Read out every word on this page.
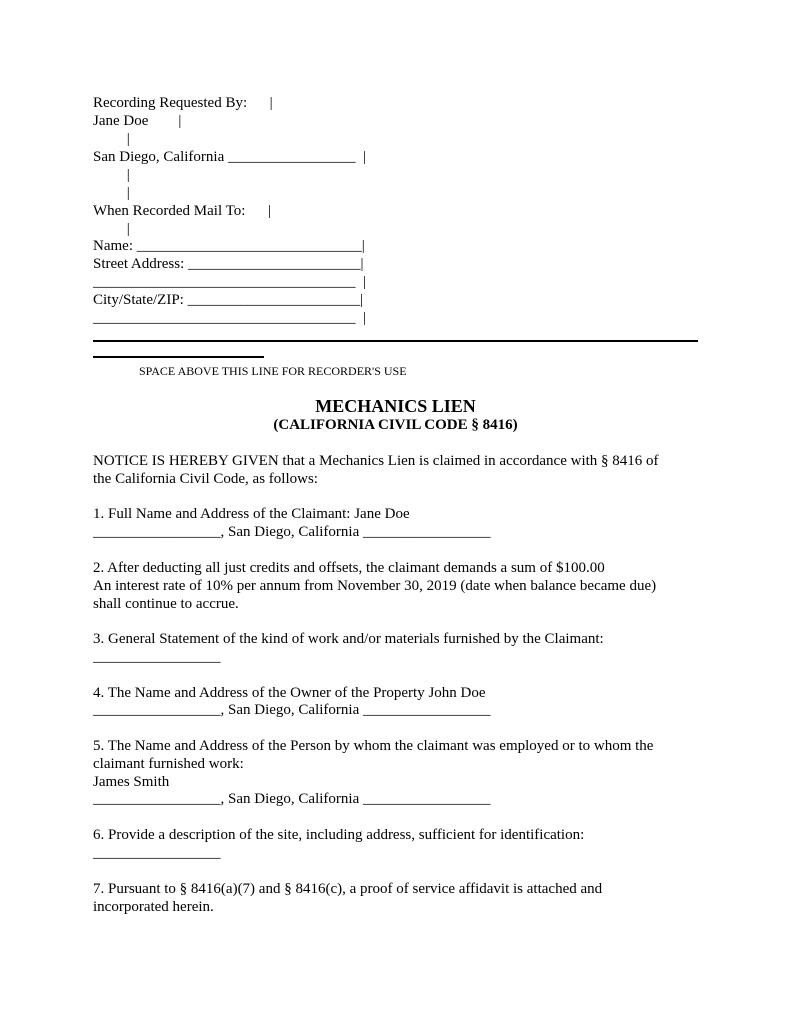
Recording Requested By:      |
Jane Doe        |
|
San Diego, California _________________  |
|
|
When Recorded Mail To:      |
|
Name: ______________________________|
Street Address: _______________________|
___________________________________  |
City/State/ZIP: _______________________|
___________________________________  |
SPACE ABOVE THIS LINE FOR RECORDER'S USE
MECHANICS LIEN
(CALIFORNIA CIVIL CODE § 8416)
NOTICE IS HEREBY GIVEN that a Mechanics Lien is claimed in accordance with § 8416 of
the California Civil Code, as follows:
1. Full Name and Address of the Claimant: Jane Doe
_________________, San Diego, California _________________
2. After deducting all just credits and offsets, the claimant demands a sum of $100.00
An interest rate of 10% per annum from November 30, 2019 (date when balance became due)
shall continue to accrue.
3. General Statement of the kind of work and/or materials furnished by the Claimant:
_________________
4. The Name and Address of the Owner of the Property John Doe
_________________, San Diego, California _________________
5. The Name and Address of the Person by whom the claimant was employed or to whom the
claimant furnished work:
James Smith
_________________, San Diego, California _________________
6. Provide a description of the site, including address, sufficient for identification:
_________________
7. Pursuant to § 8416(a)(7) and § 8416(c), a proof of service affidavit is attached and
incorporated herein.
